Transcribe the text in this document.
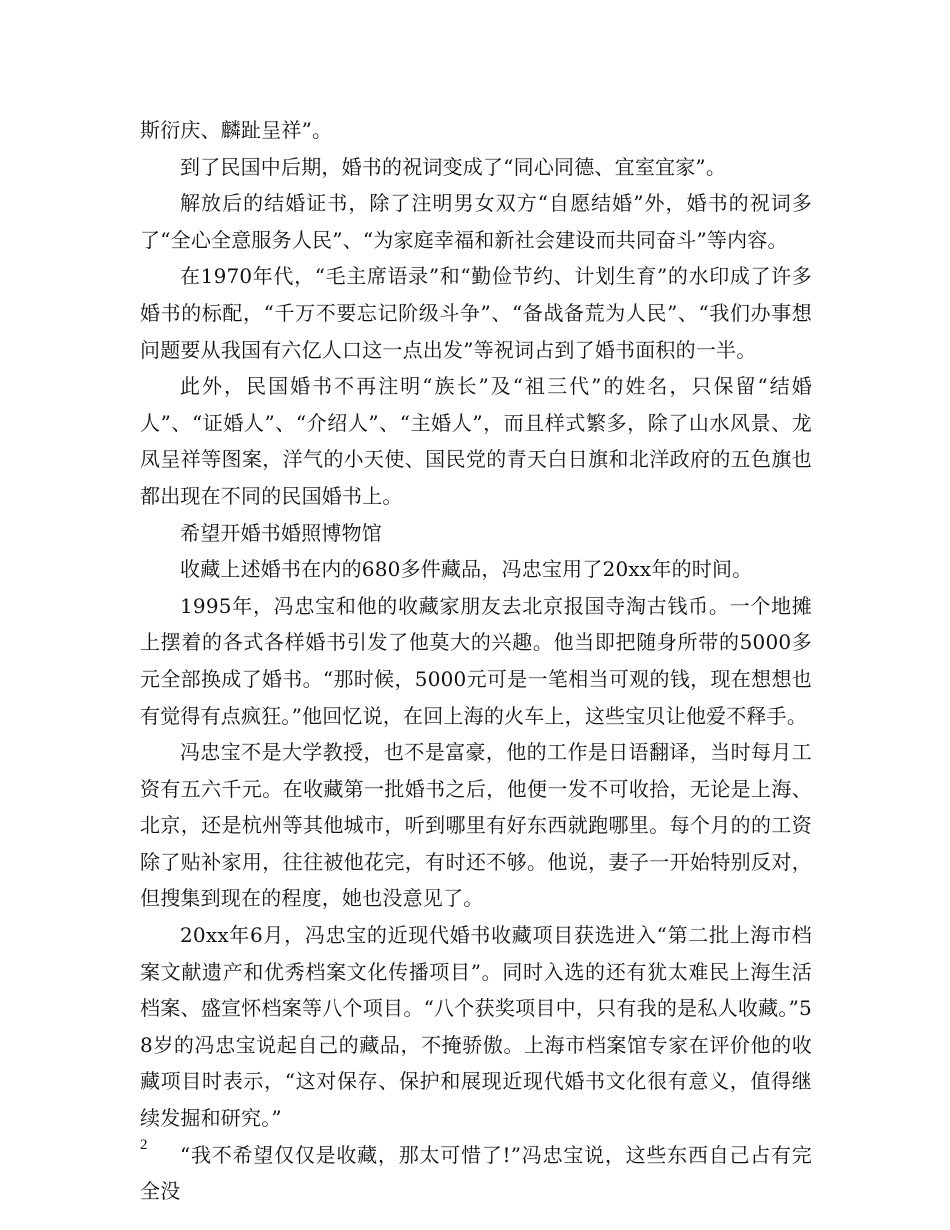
斯衍庆、麟趾呈祥”。

到了民国中后期，婚书的祝词变成了“同心同德、宜室宜家”。

解放后的结婚证书，除了注明男女双方“自愿结婚”外，婚书的祝词多了“全心全意服务人民”、“为家庭幸福和新社会建设而共同奋斗”等内容。

在1970年代，“毛主席语录”和“勤俭节约、计划生育”的水印成了许多婚书的标配，“千万不要忘记阶级斗争”、“备战备荒为人民”、“我们办事想问题要从我国有六亿人口这一点出发”等祝词占到了婚书面积的一半。

此外，民国婚书不再注明“族长”及“祖三代”的姓名，只保留“结婚人”、“证婚人”、“介绍人”、“主婚人”，而且样式繁多，除了山水风景、龙凤呈祥等图案，洋气的小天使、国民党的青天白日旗和北洋政府的五色旗也都出现在不同的民国婚书上。

希望开婚书婚照博物馆

收藏上述婚书在内的680多件藏品，冯忠宝用了20xx年的时间。

1995年，冯忠宝和他的收藏家朋友去北京报国寺淘古钱币。一个地摊上摆着的各式各样婚书引发了他莫大的兴趣。他当即把随身所带的5000多元全部换成了婚书。“那时候，5000元可是一笔相当可观的钱，现在想想也有觉得有点疯狂。”他回忆说，在回上海的火车上，这些宝贝让他爱不释手。

冯忠宝不是大学教授，也不是富豪，他的工作是日语翻译，当时每月工资有五六千元。在收藏第一批婚书之后，他便一发不可收拾，无论是上海、北京，还是杭州等其他城市，听到哪里有好东西就跑哪里。每个月的的工资除了贴补家用，往往被他花完，有时还不够。他说，妻子一开始特别反对，但搜集到现在的程度，她也没意见了。

20xx年6月，冯忠宝的近现代婚书收藏项目获选进入“第二批上海市档案文献遗产和优秀档案文化传播项目”。同时入选的还有犹太难民上海生活档案、盛宣怀档案等八个项目。“八个获奖项目中，只有我的是私人收藏。”58岁的冯忠宝说起自己的藏品，不掩骄傲。上海市档案馆专家在评价他的收藏项目时表示，“这对保存、保护和展现近现代婚书文化很有意义，值得继续发掘和研究。”

“我不希望仅仅是收藏，那太可惜了!”冯忠宝说，这些东西自己占有完全没

2
